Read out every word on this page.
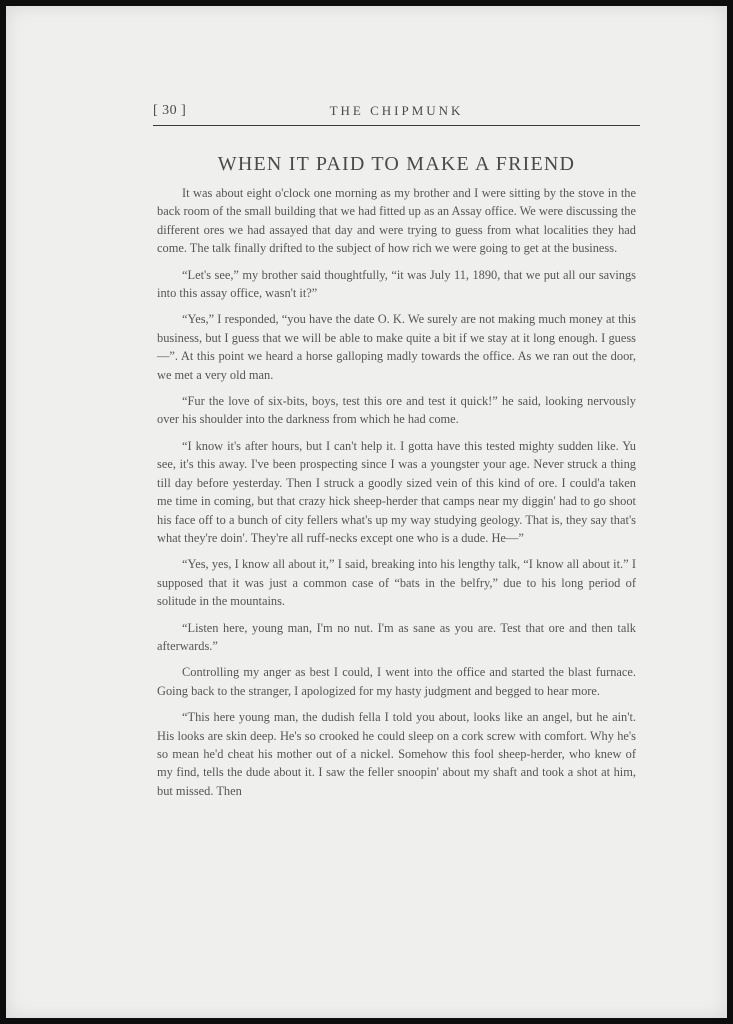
[ 30 ]	THE CHIPMUNK
WHEN IT PAID TO MAKE A FRIEND

It was about eight o'clock one morning as my brother and I were sitting by the stove in the back room of the small building that we had fitted up as an Assay office. We were discussing the different ores we had assayed that day and were trying to guess from what localities they had come. The talk finally drifted to the subject of how rich we were going to get at the business.

“Let's see,” my brother said thoughtfully, “it was July 11, 1890, that we put all our savings into this assay office, wasn't it?”

“Yes,” I responded, “you have the date O. K. We surely are not making much money at this business, but I guess that we will be able to make quite a bit if we stay at it long enough. I guess—”. At this point we heard a horse galloping madly towards the office. As we ran out the door, we met a very old man.

“Fur the love of six-bits, boys, test this ore and test it quick!” he said, looking nervously over his shoulder into the darkness from which he had come.

“I know it's after hours, but I can't help it. I gotta have this tested mighty sudden like. Yu see, it's this away. I've been prospecting since I was a youngster your age. Never struck a thing till day before yesterday. Then I struck a goodly sized vein of this kind of ore. I could'a taken me time in coming, but that crazy hick sheep-herder that camps near my diggin' had to go shoot his face off to a bunch of city fellers what's up my way studying geology. That is, they say that's what they're doin'. They're all ruff-necks except one who is a dude. He—”

“Yes, yes, I know all about it,” I said, breaking into his lengthy talk, “I know all about it.” I supposed that it was just a common case of “bats in the belfry,” due to his long period of solitude in the mountains.

“Listen here, young man, I'm no nut. I'm as sane as you are. Test that ore and then talk afterwards.”

Controlling my anger as best I could, I went into the office and started the blast furnace. Going back to the stranger, I apologized for my hasty judgment and begged to hear more.

“This here young man, the dudish fella I told you about, looks like an angel, but he ain't. His looks are skin deep. He's so crooked he could sleep on a cork screw with comfort. Why he's so mean he'd cheat his mother out of a nickel. Somehow this fool sheep-herder, who knew of my find, tells the dude about it. I saw the feller snoopin' about my shaft and took a shot at him, but missed. Then
